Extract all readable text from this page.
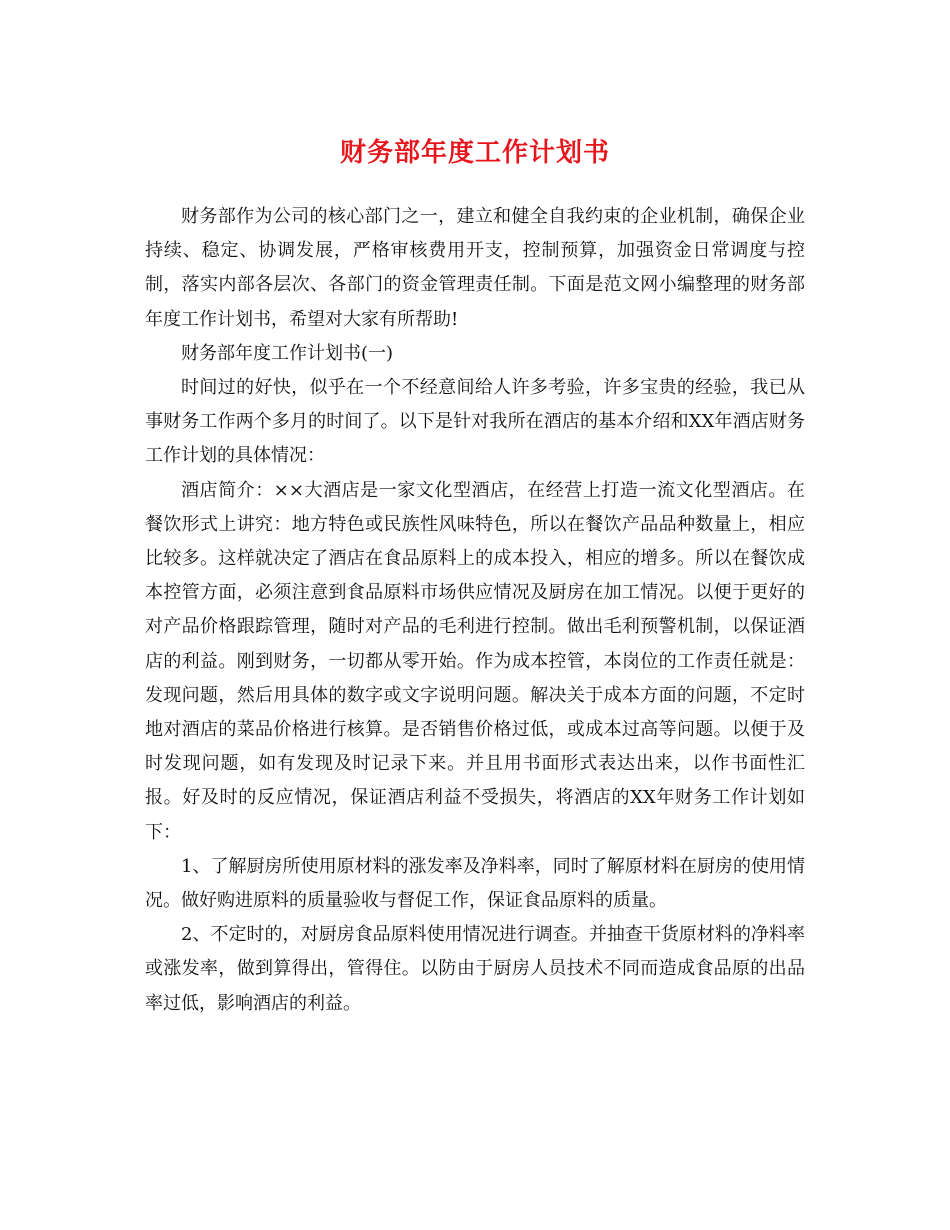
财务部年度工作计划书

财务部作为公司的核心部门之一，建立和健全自我约束的企业机制，确保企业持续、稳定、协调发展，严格审核费用开支，控制预算，加强资金日常调度与控制，落实内部各层次、各部门的资金管理责任制。下面是范文网小编整理的财务部年度工作计划书，希望对大家有所帮助!

财务部年度工作计划书(一)

时间过的好快，似乎在一个不经意间给人许多考验，许多宝贵的经验，我已从事财务工作两个多月的时间了。以下是针对我所在酒店的基本介绍和XX年酒店财务工作计划的具体情况：

酒店简介：××大酒店是一家文化型酒店，在经营上打造一流文化型酒店。在餐饮形式上讲究：地方特色或民族性风味特色，所以在餐饮产品品种数量上，相应比较多。这样就决定了酒店在食品原料上的成本投入，相应的增多。所以在餐饮成本控管方面，必须注意到食品原料市场供应情况及厨房在加工情况。以便于更好的对产品价格跟踪管理，随时对产品的毛利进行控制。做出毛利预警机制，以保证酒店的利益。刚到财务，一切都从零开始。作为成本控管，本岗位的工作责任就是：发现问题，然后用具体的数字或文字说明问题。解决关于成本方面的问题，不定时地对酒店的菜品价格进行核算。是否销售价格过低，或成本过高等问题。以便于及时发现问题，如有发现及时记录下来。并且用书面形式表达出来，以作书面性汇报。好及时的反应情况，保证酒店利益不受损失，将酒店的XX年财务工作计划如下：

1、了解厨房所使用原材料的涨发率及净料率，同时了解原材料在厨房的使用情况。做好购进原料的质量验收与督促工作，保证食品原料的质量。

2、不定时的，对厨房食品原料使用情况进行调查。并抽查干货原材料的净料率或涨发率，做到算得出，管得住。以防由于厨房人员技术不同而造成食品原的出品率过低，影响酒店的利益。
